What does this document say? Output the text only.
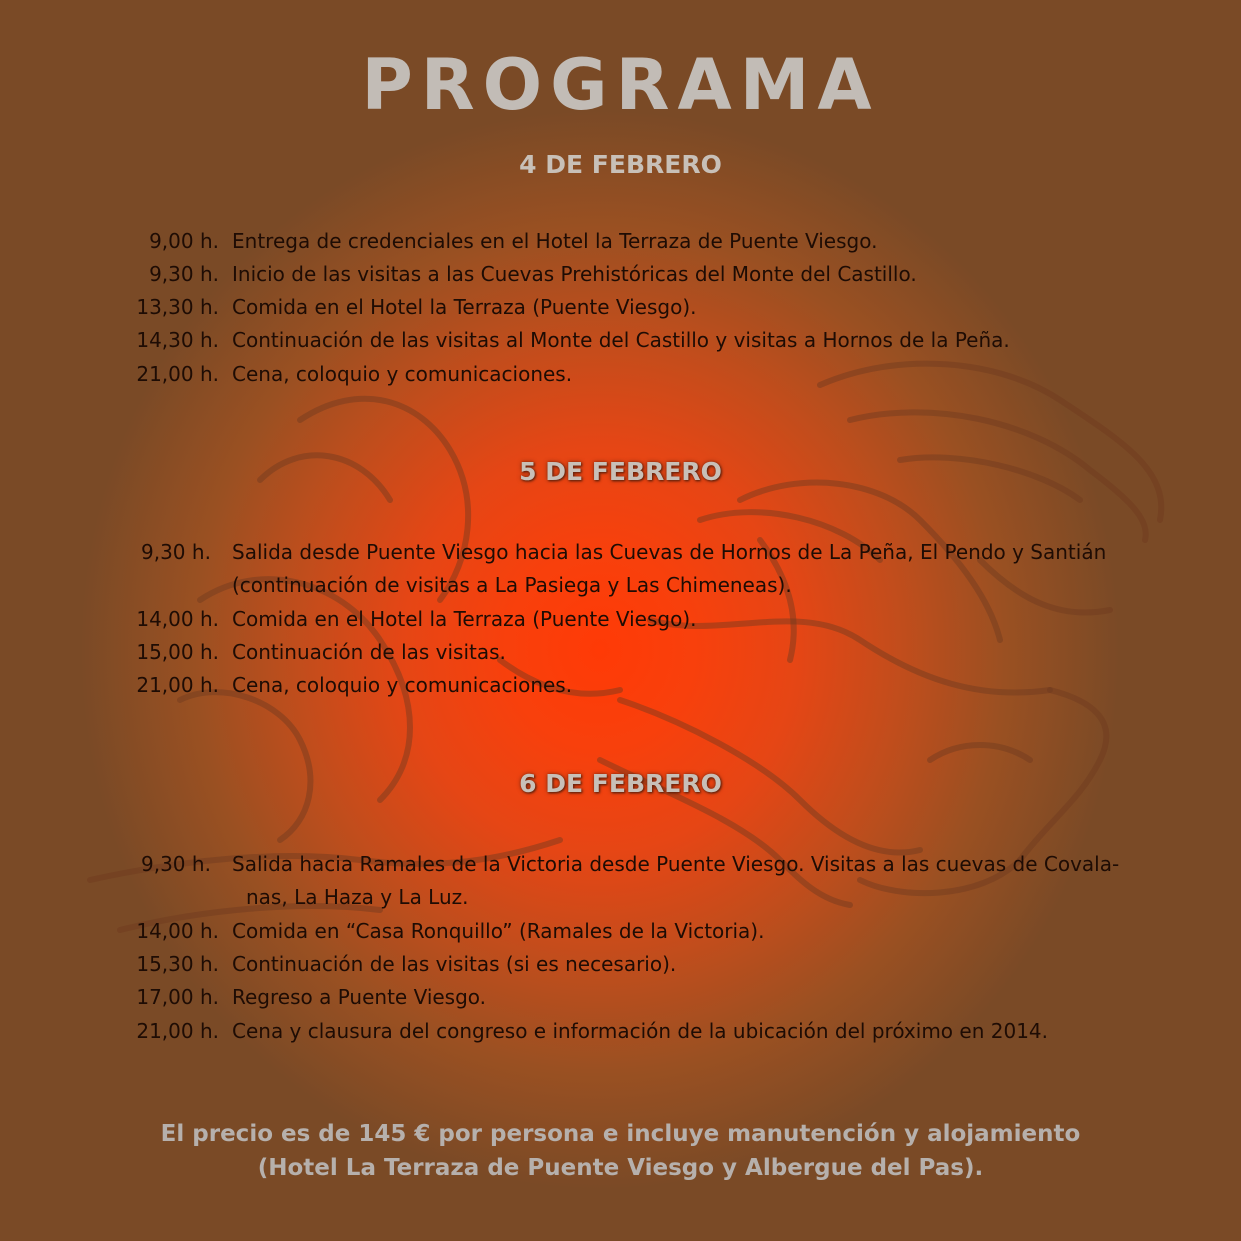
PROGRAMA
4 DE FEBRERO
9,00 h. Entrega de credenciales en el Hotel la Terraza de Puente Viesgo.
9,30 h. Inicio de las visitas a las Cuevas Prehistóricas del Monte del Castillo.
13,30 h. Comida en el Hotel la Terraza (Puente Viesgo).
14,30 h. Continuación de las visitas al Monte del Castillo y visitas a Hornos de la Peña.
21,00 h. Cena, coloquio y comunicaciones.
5 DE FEBRERO
9,30 h. Salida desde Puente Viesgo hacia las Cuevas de Hornos de La Peña, El Pendo y Santián
(continuación de visitas a La Pasiega y Las Chimeneas).
14,00 h. Comida en el Hotel la Terraza (Puente Viesgo).
15,00 h. Continuación de las visitas.
21,00 h. Cena, coloquio y comunicaciones.
6 DE FEBRERO
9,30 h. Salida hacia Ramales de la Victoria desde Puente Viesgo. Visitas a las cuevas de Covala-
nas, La Haza y La Luz.
14,00 h. Comida en “Casa Ronquillo” (Ramales de la Victoria).
15,30 h. Continuación de las visitas (si es necesario).
17,00 h. Regreso a Puente Viesgo.
21,00 h. Cena y clausura del congreso e información de la ubicación del próximo en 2014.
El precio es de 145 € por persona e incluye manutención y alojamiento
(Hotel La Terraza de Puente Viesgo y Albergue del Pas).
